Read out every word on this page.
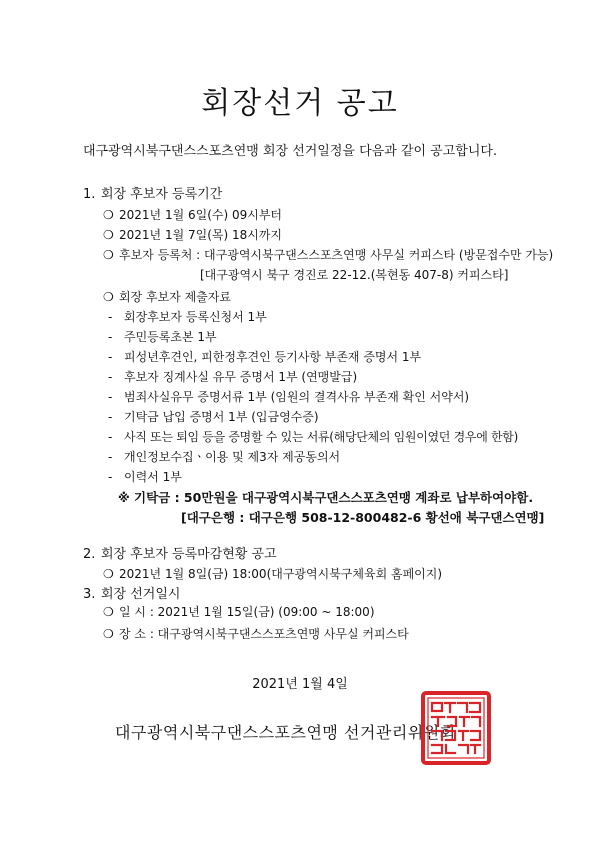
회장선거 공고
대구광역시북구댄스스포츠연맹 회장 선거일정을 다음과 같이 공고합니다.
1. 회장 후보자 등록기간
❍ 2021년 1월 6일(수) 09시부터
❍ 2021년 1월 7일(목) 18시까지
❍ 후보자 등록처 : 대구광역시북구댄스스포츠연맹 사무실 커피스타 (방문접수만 가능)
[대구광역시 북구 경진로 22-12.(복현동 407-8) 커피스타]
❍ 회장 후보자 제출자료
- 회장후보자 등록신청서 1부
- 주민등록초본 1부
- 피성년후견인, 피한정후견인 등기사항 부존재 증명서 1부
- 후보자 징계사실 유무 증명서 1부 (연맹발급)
- 범죄사실유무 증명서류 1부 (임원의 결격사유 부존재 확인 서약서)
- 기탁금 납입 증명서 1부 (입금영수증)
- 사직 또는 퇴임 등을 증명할 수 있는 서류(해당단체의 임원이였던 경우에 한함)
- 개인정보수집ㆍ이용 및 제3자 제공동의서
- 이력서 1부
※ 기탁금 : 50만원을 대구광역시북구댄스스포츠연맹 계좌로 납부하여야함.
[대구은행 : 대구은행 508-12-800482-6 황선애 북구댄스연맹]
2. 회장 후보자 등록마감현황 공고
❍ 2021년 1월 8일(금) 18:00(대구광역시북구체육회 홈페이지)
3. 회장 선거일시
❍ 일 시 : 2021년 1월 15일(금) (09:00 ~ 18:00)
❍ 장 소 : 대구광역시북구댄스스포츠연맹 사무실 커피스타
2021년 1월 4일
대구광역시북구댄스스포츠연맹 선거관리위원회
